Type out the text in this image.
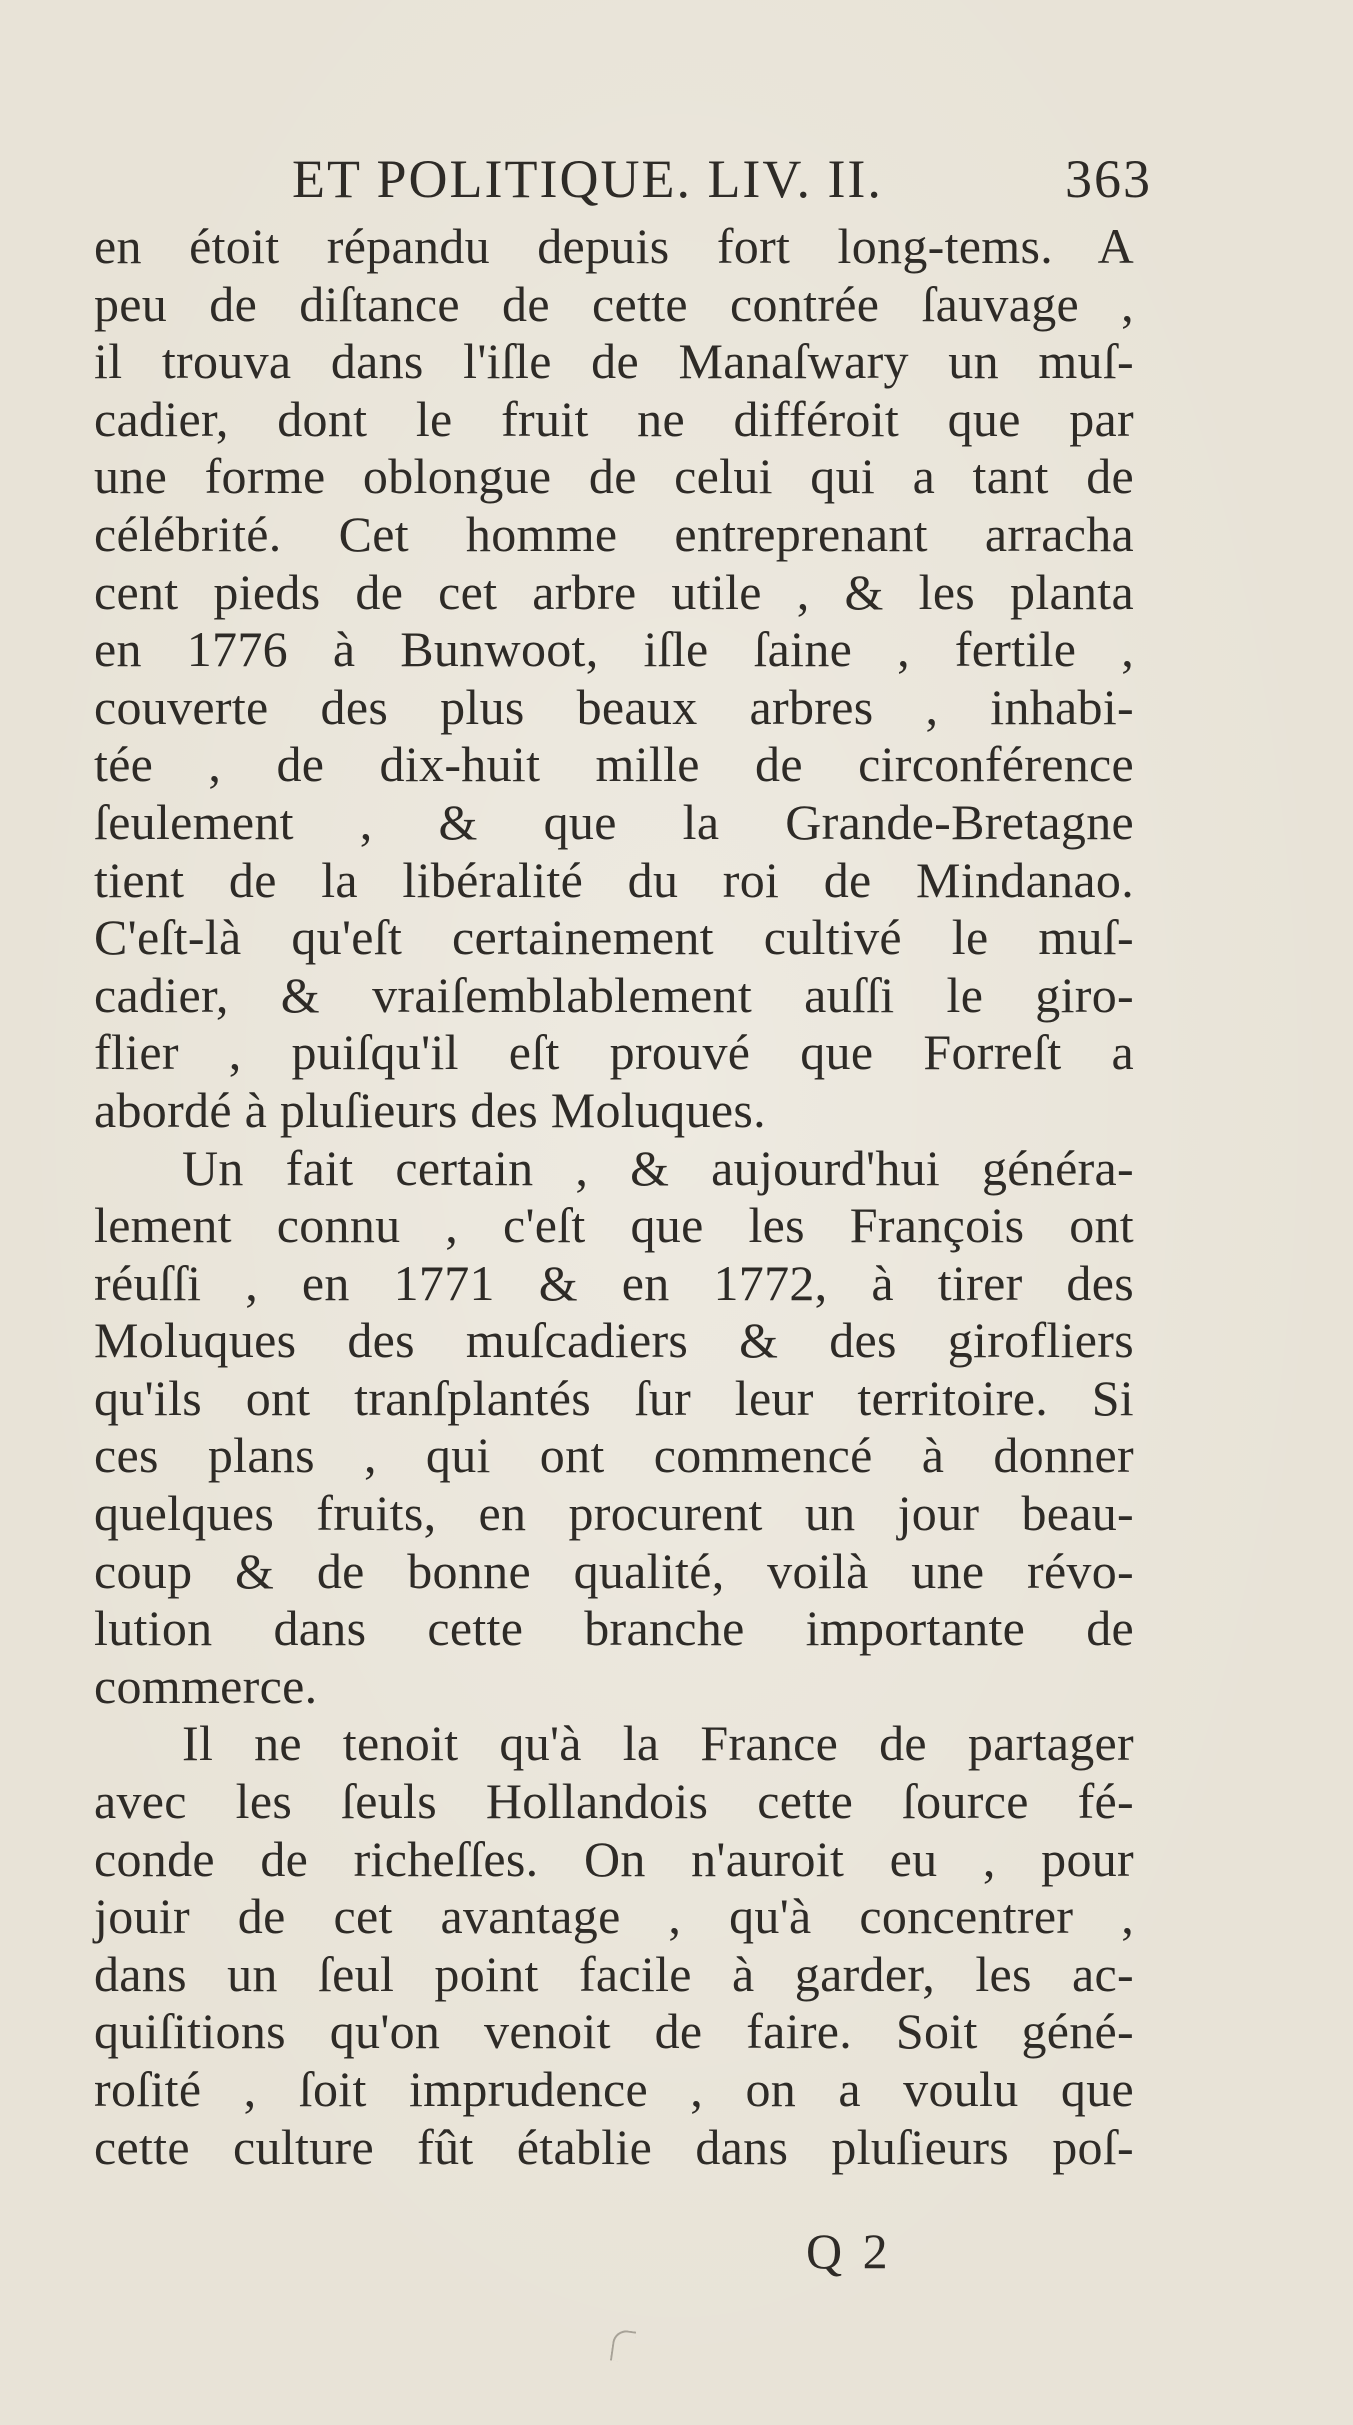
ET POLITIQUE. LIV. II.	363
en étoit répandu depuis fort long-tems. A
peu de diſtance de cette contrée ſauvage ,
il trouva dans l'iſle de Manaſwary un muſ-
cadier, dont le fruit ne différoit que par
une forme oblongue de celui qui a tant de
célébrité. Cet homme entreprenant arracha
cent pieds de cet arbre utile , & les planta
en 1776 à Bunwoot, iſle ſaine , fertile ,
couverte des plus beaux arbres , inhabi-
tée , de dix-huit mille de circonférence
ſeulement , & que la Grande-Bretagne
tient de la libéralité du roi de Mindanao.
C'eſt-là qu'eſt certainement cultivé le muſ-
cadier, & vraiſemblablement auſſi le giro-
flier , puiſqu'il eſt prouvé que Forreſt a
abordé à pluſieurs des Moluques.
Un fait certain , & aujourd'hui généra-
lement connu , c'eſt que les François ont
réuſſi , en 1771 & en 1772, à tirer des
Moluques des muſcadiers & des girofliers
qu'ils ont tranſplantés ſur leur territoire. Si
ces plans , qui ont commencé à donner
quelques fruits, en procurent un jour beau-
coup & de bonne qualité, voilà une révo-
lution dans cette branche importante de
commerce.
Il ne tenoit qu'à la France de partager
avec les ſeuls Hollandois cette ſource fé-
conde de richeſſes. On n'auroit eu , pour
jouir de cet avantage , qu'à concentrer ,
dans un ſeul point facile à garder, les ac-
quiſitions qu'on venoit de faire. Soit géné-
roſité , ſoit imprudence , on a voulu que
cette culture fût établie dans pluſieurs poſ-
Q 2
